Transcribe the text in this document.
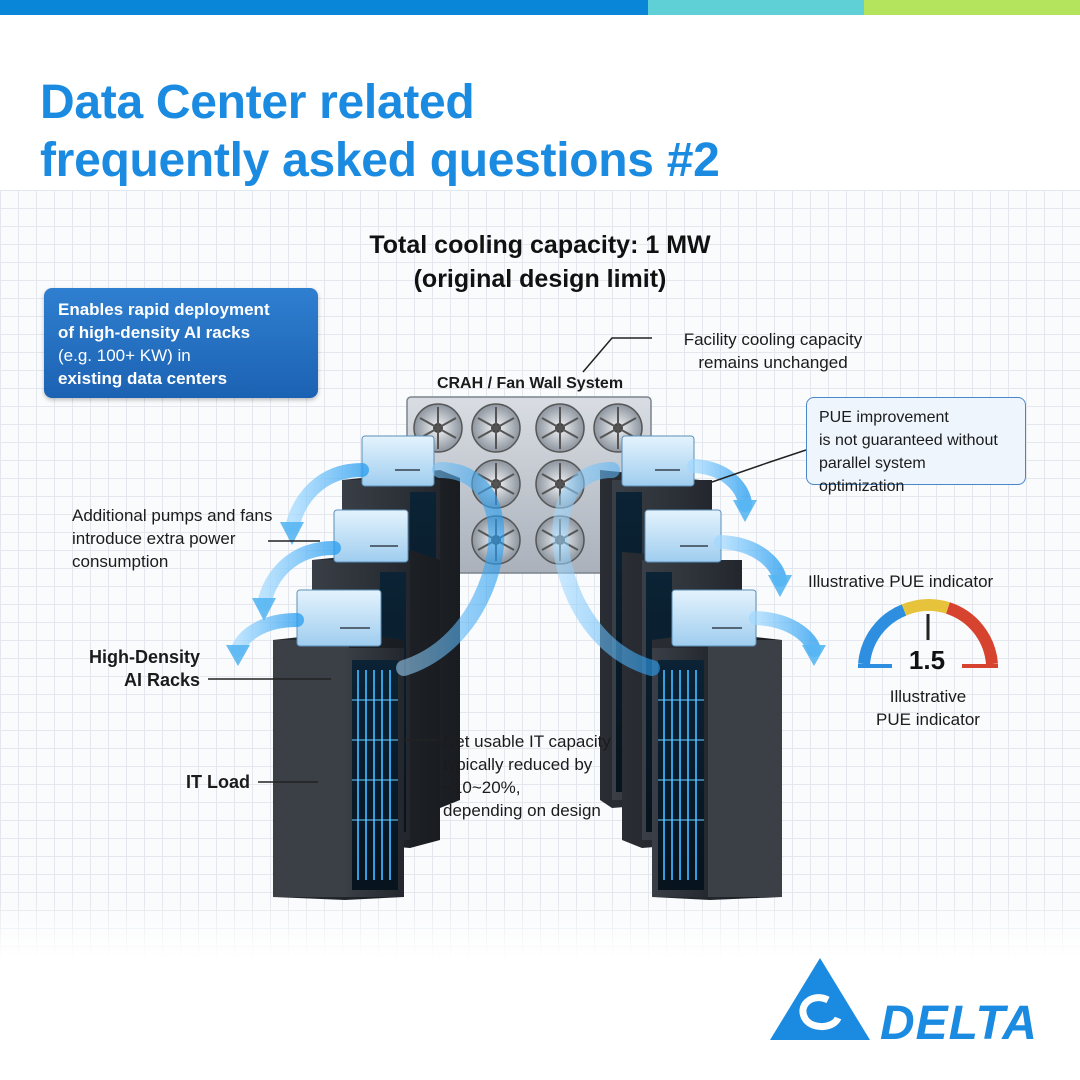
Data Center related
frequently asked questions #2
Total cooling capacity: 1 MW
(original design limit)
Enables rapid deployment
of high-density AI racks
(e.g. 100+ KW) in
existing data centers
Facility cooling capacity
remains unchanged
CRAH / Fan Wall System
PUE improvement
is not guaranteed without
parallel system optimization
Additional pumps and fans
introduce extra power
consumption
Illustrative PUE indicator
1.5
Illustrative
PUE indicator
High-Density
AI Racks
IT Load
Net usable IT capacity
typically reduced by
~10~20%,
depending on design
DELTA
